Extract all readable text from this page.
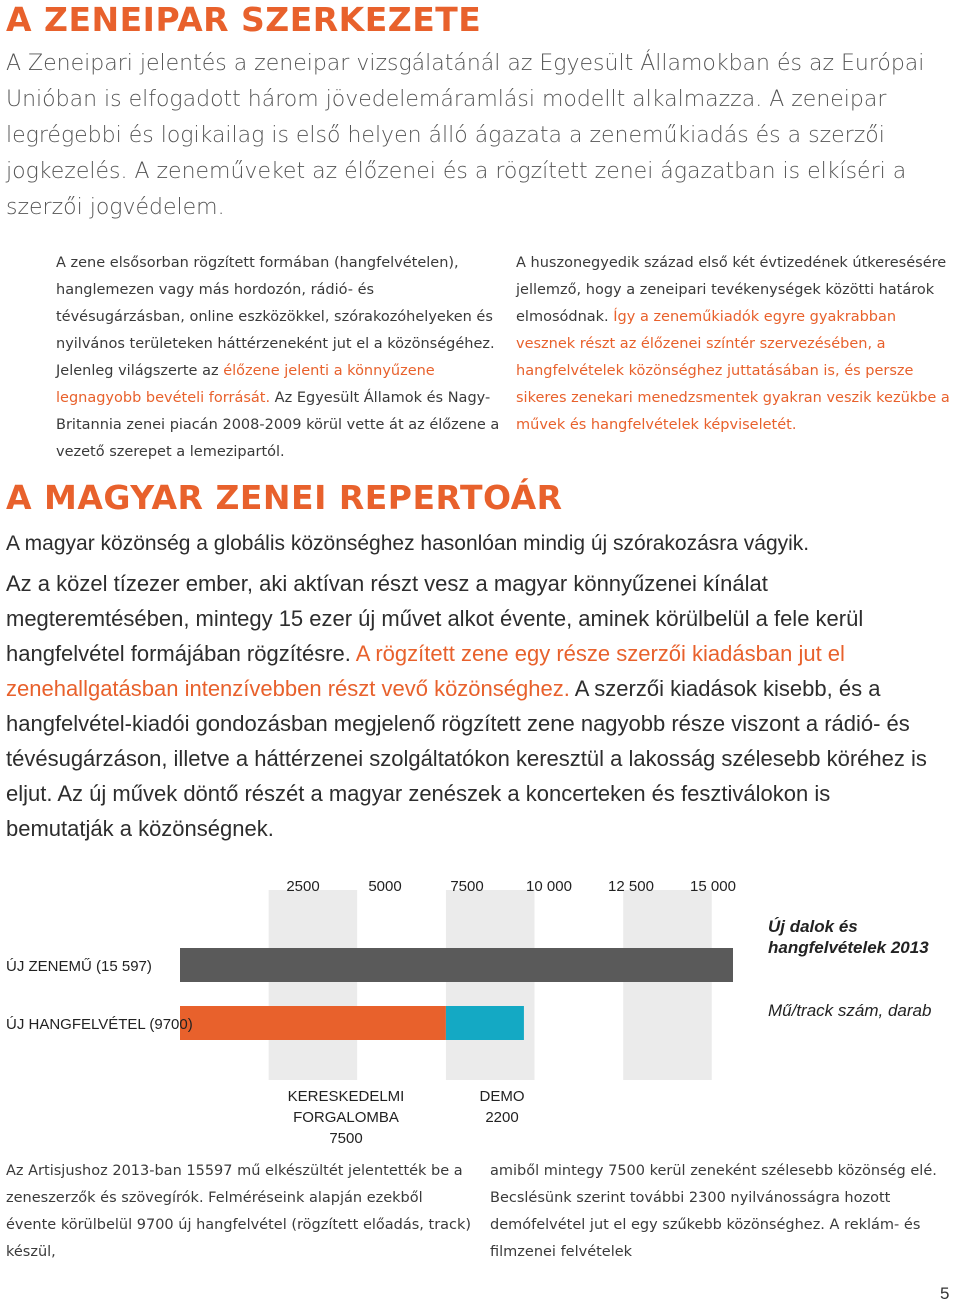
A ZENEIPAR SZERKEZETE
A Zeneipari jelentés a zeneipar vizsgálatánál az Egyesült Államokban és az Európai Unióban is elfogadott három jövedelemáramlási modellt alkalmazza. A zeneipar legrégebbi és logikailag is első helyen álló ágazata a zeneműkiadás és a szerzői jogkezelés. A zeneműveket az élőzenei és a rögzített zenei ágazatban is elkíséri a szerzői jogvédelem.
A zene elsősorban rögzített formában (hangfelvételen), hanglemezen vagy más hordozón, rádió- és tévésugárzásban, online eszközökkel, szórakozóhelyeken és nyilvános területeken háttérzeneként jut el a közönségéhez. Jelenleg világszerte az élőzene jelenti a könnyűzene legnagyobb bevételi forrását. Az Egyesült Államok és Nagy-Britannia zenei piacán 2008-2009 körül vette át az élőzene a vezető szerepet a lemezipartól.
A huszonegyedik század első két évtizedének útkeresésére jellemző, hogy a zeneipari tevékenységek közötti határok elmosódnak. Így a zeneműkiadók egyre gyakrabban vesznek részt az élőzenei színtér szervezésében, a hangfelvételek közönséghez juttatásában is, és persze sikeres zenekari menedzsmentek gyakran veszik kezükbe a művek és hangfelvételek képviseletét.
A MAGYAR ZENEI REPERTOÁR
A magyar közönség a globális közönséghez hasonlóan mindig új szórakozásra vágyik.
Az a közel tízezer ember, aki aktívan részt vesz a magyar könnyűzenei kínálat megteremtésében, mintegy 15 ezer új művet alkot évente, aminek körülbelül a fele kerül hangfelvétel formájában rögzítésre. A rögzített zene egy része szerzői kiadásban jut el zenehallgatásban intenzívebben részt vevő közönséghez. A szerzői kiadások kisebb, és a hangfelvétel-kiadói gondozásban megjelenő rögzített zene nagyobb része viszont a rádió- és tévésugárzáson, illetve a háttérzenei szolgáltatókon keresztül a lakosság szélesebb köréhez is eljut. Az új művek döntő részét a magyar zenészek a koncerteken és fesztiválokon is bemutatják a közönségnek.
2500	5000	7500	10 000 12 500 15 000
ÚJ ZENEMŰ (15 597)
ÚJ HANGFELVÉTEL (9700)
Új dalok és hangfelvételek 2013
Mű/track szám, darab
KERESKEDELMI FORGALOMBA
7500
DEMO
2200
Az Artisjushoz 2013-ban 15597 mű elkészültét jelentették be a zeneszerzők és szövegírók. Felméréseink alapján ezekből évente körülbelül 9700 új hangfelvétel (rögzített előadás, track) készül,
amiből mintegy 7500 kerül zeneként szélesebb közönség elé. Becslésünk szerint további 2300 nyilvánosságra hozott demófelvétel jut el egy szűkebb közönséghez. A reklám- és filmzenei felvételek
5
